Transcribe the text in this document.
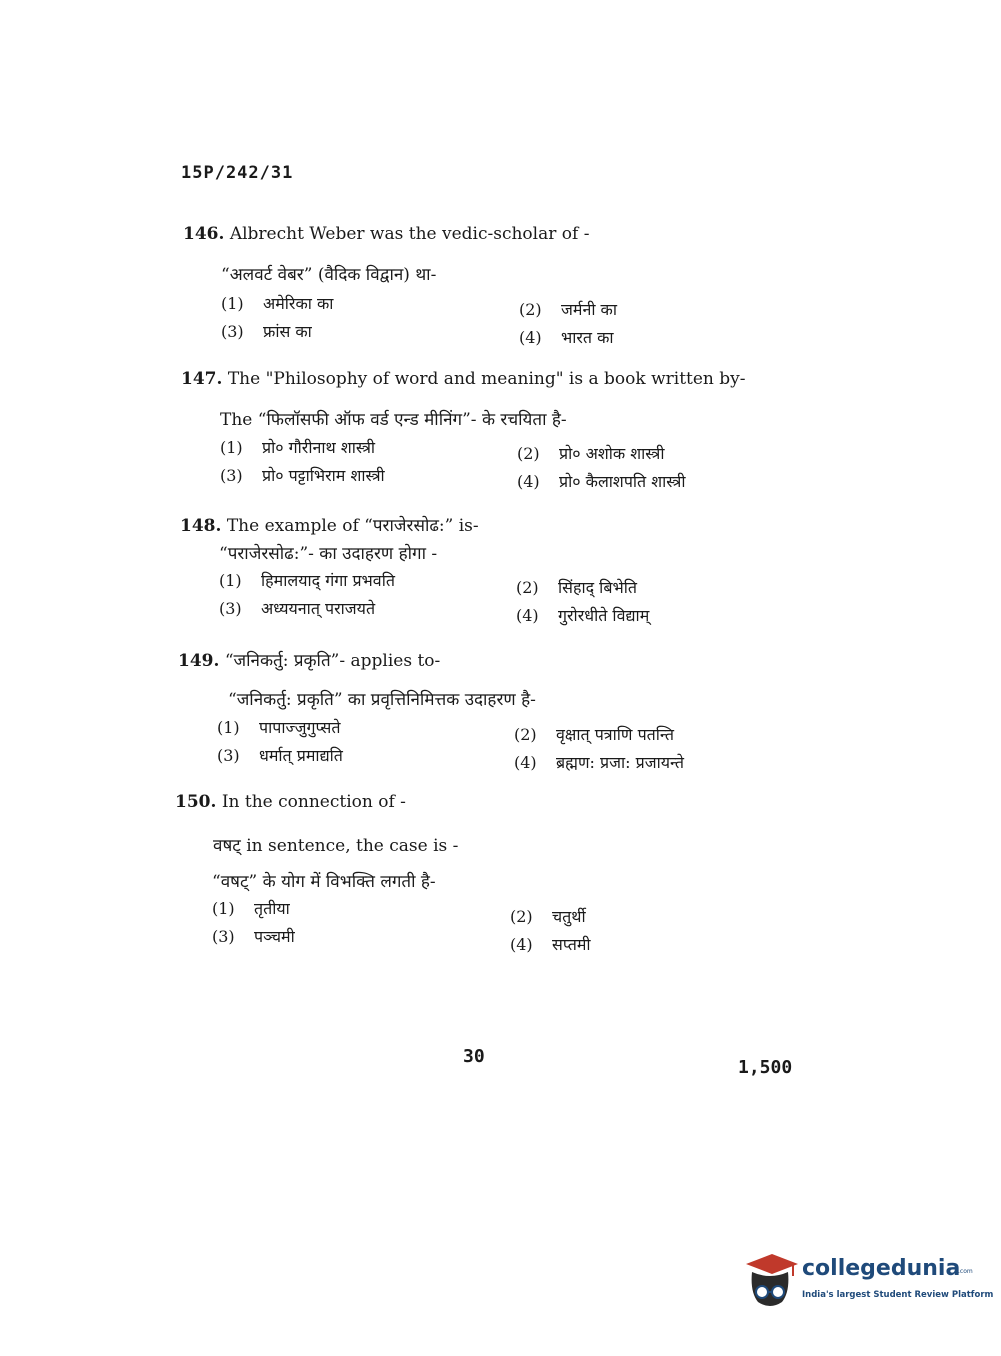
15P/242/31
146. Albrecht Weber was the vedic-scholar of -
“अलवर्ट वेबर” (वैदिक विद्वान) था-
(1) अमेरिका का	(2) जर्मनी का
(3) फ्रांस का	(4) भारत का
147. The "Philosophy of word and meaning" is a book written by-
The “फिलॉसफी ऑफ वर्ड एन्ड मीनिंग”- के रचयिता है-
(1) प्रो० गौरीनाथ शास्त्री	(2) प्रो० अशोक शास्त्री
(3) प्रो० पट्टाभिराम शास्त्री	(4) प्रो० कैलाशपति शास्त्री
148. The example of “पराजेरसोढ:” is-
“पराजेरसोढ:”- का उदाहरण होगा -
(1) हिमालयाद् गंगा प्रभवति	(2) सिंहाद् बिभेति
(3) अध्ययनात् पराजयते	(4) गुरोरधीते विद्याम्
149. “जनिकर्तु: प्रकृति”- applies to-
“जनिकर्तु: प्रकृति” का प्रवृत्तिनिमित्तक उदाहरण है-
(1) पापाज्जुगुप्सते	(2) वृक्षात् पत्राणि पतन्ति
(3) धर्मात् प्रमाद्यति	(4) ब्रह्मण: प्रजा: प्रजायन्ते
150. In the connection of -
वषट् in sentence, the case is -
“वषट्” के योग में विभक्ति लगती है-
(1) तृतीया	(2) चतुर्थी
(3) पञ्चमी	(4) सप्तमी
30
1,500
collegedunia
.com
India's largest Student Review Platform
